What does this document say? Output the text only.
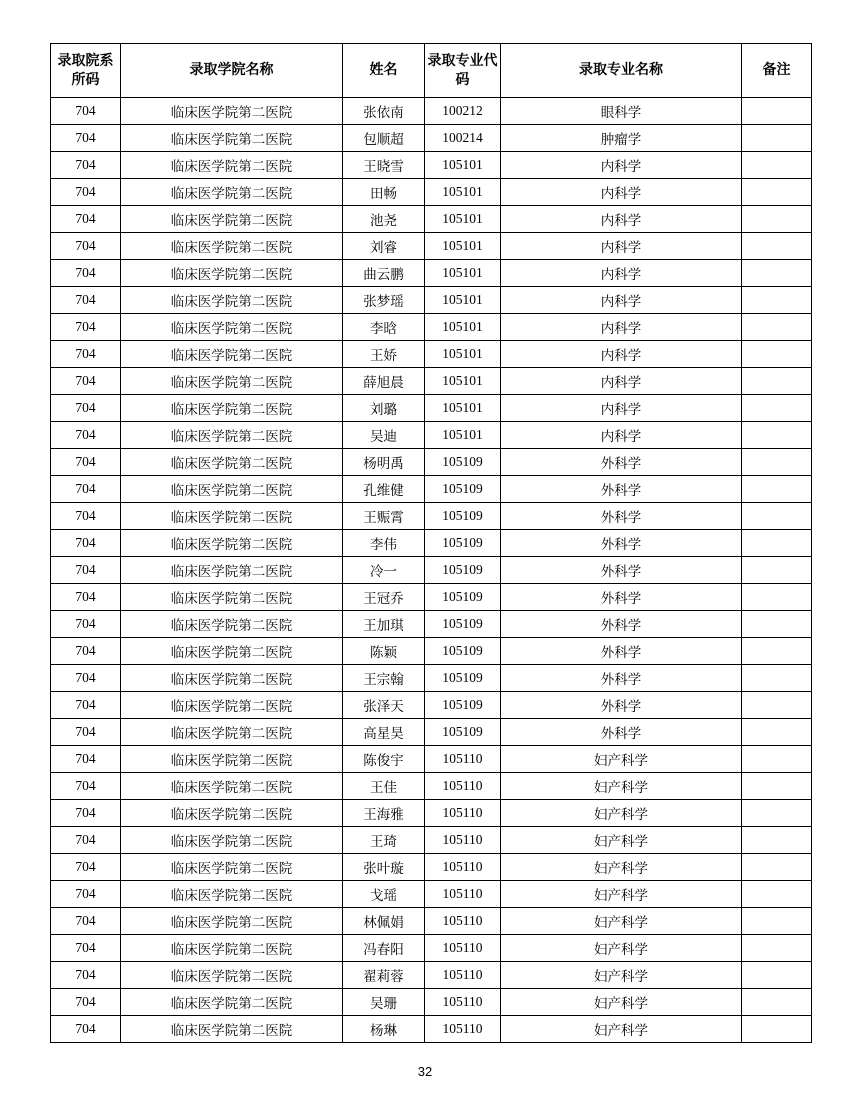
录取院系所码	录取学院名称	姓名	录取专业代码	录取专业名称	备注
704	临床医学院第二医院	张依南	100212	眼科学	
704	临床医学院第二医院	包顺超	100214	肿瘤学	
704	临床医学院第二医院	王晓雪	105101	内科学	
704	临床医学院第二医院	田畅	105101	内科学	
704	临床医学院第二医院	池尧	105101	内科学	
704	临床医学院第二医院	刘睿	105101	内科学	
704	临床医学院第二医院	曲云鹏	105101	内科学	
704	临床医学院第二医院	张梦瑶	105101	内科学	
704	临床医学院第二医院	李晗	105101	内科学	
704	临床医学院第二医院	王娇	105101	内科学	
704	临床医学院第二医院	薛旭晨	105101	内科学	
704	临床医学院第二医院	刘璐	105101	内科学	
704	临床医学院第二医院	吴迪	105101	内科学	
704	临床医学院第二医院	杨明禹	105109	外科学	
704	临床医学院第二医院	孔维健	105109	外科学	
704	临床医学院第二医院	王赈霄	105109	外科学	
704	临床医学院第二医院	李伟	105109	外科学	
704	临床医学院第二医院	冷一	105109	外科学	
704	临床医学院第二医院	王冠乔	105109	外科学	
704	临床医学院第二医院	王加琪	105109	外科学	
704	临床医学院第二医院	陈颖	105109	外科学	
704	临床医学院第二医院	王宗翰	105109	外科学	
704	临床医学院第二医院	张泽天	105109	外科学	
704	临床医学院第二医院	高星昊	105109	外科学	
704	临床医学院第二医院	陈俊宇	105110	妇产科学	
704	临床医学院第二医院	王佳	105110	妇产科学	
704	临床医学院第二医院	王海雅	105110	妇产科学	
704	临床医学院第二医院	王琦	105110	妇产科学	
704	临床医学院第二医院	张叶璇	105110	妇产科学	
704	临床医学院第二医院	戈瑶	105110	妇产科学	
704	临床医学院第二医院	林佩娟	105110	妇产科学	
704	临床医学院第二医院	冯春阳	105110	妇产科学	
704	临床医学院第二医院	翟莉蓉	105110	妇产科学	
704	临床医学院第二医院	吴珊	105110	妇产科学	
704	临床医学院第二医院	杨琳	105110	妇产科学	
32
